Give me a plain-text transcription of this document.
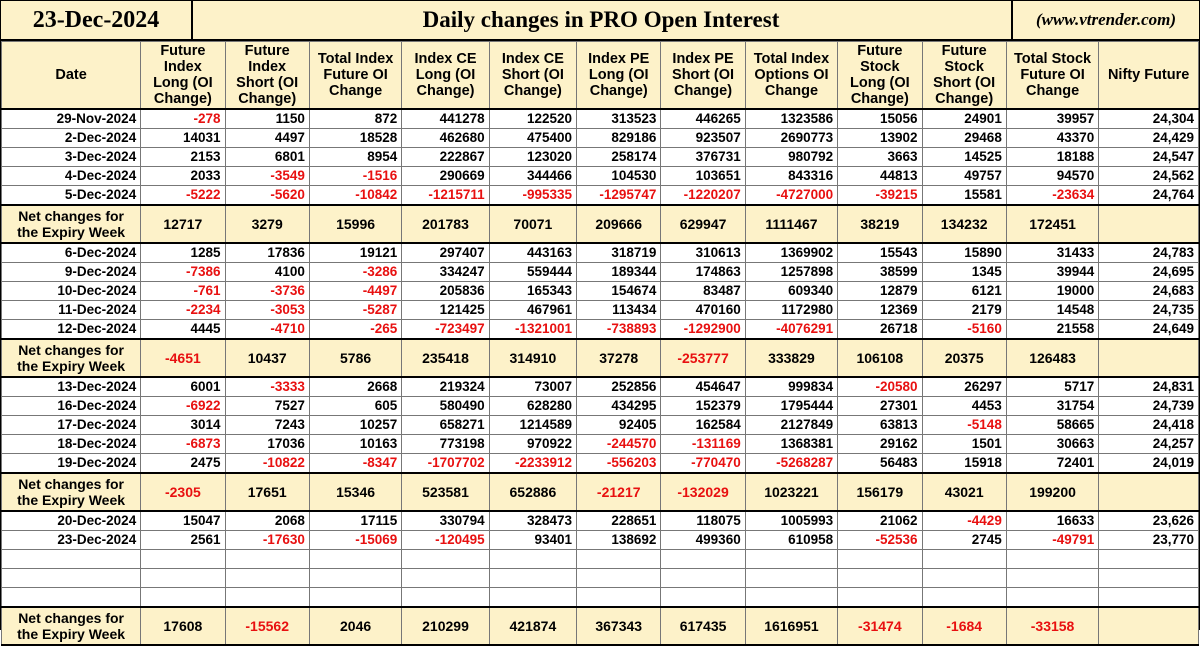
23-Dec-2024	Daily changes in PRO Open Interest	(www.vtrender.com)
Date	Future Index Long (OI Change)	Future Index Short (OI Change)	Total Index Future OI Change	Index CE Long (OI Change)	Index CE Short (OI Change)	Index PE Long (OI Change)	Index PE Short (OI Change)	Total Index Options OI Change	Future Stock Long (OI Change)	Future Stock Short (OI Change)	Total Stock Future OI Change	Nifty Future
29-Nov-2024	-278	1150	872	441278	122520	313523	446265	1323586	15056	24901	39957	24,304
2-Dec-2024	14031	4497	18528	462680	475400	829186	923507	2690773	13902	29468	43370	24,429
3-Dec-2024	2153	6801	8954	222867	123020	258174	376731	980792	3663	14525	18188	24,547
4-Dec-2024	2033	-3549	-1516	290669	344466	104530	103651	843316	44813	49757	94570	24,562
5-Dec-2024	-5222	-5620	-10842	-1215711	-995335	-1295747	-1220207	-4727000	-39215	15581	-23634	24,764
Net changes for the Expiry Week	12717	3279	15996	201783	70071	209666	629947	1111467	38219	134232	172451	
6-Dec-2024	1285	17836	19121	297407	443163	318719	310613	1369902	15543	15890	31433	24,783
9-Dec-2024	-7386	4100	-3286	334247	559444	189344	174863	1257898	38599	1345	39944	24,695
10-Dec-2024	-761	-3736	-4497	205836	165343	154674	83487	609340	12879	6121	19000	24,683
11-Dec-2024	-2234	-3053	-5287	121425	467961	113434	470160	1172980	12369	2179	14548	24,735
12-Dec-2024	4445	-4710	-265	-723497	-1321001	-738893	-1292900	-4076291	26718	-5160	21558	24,649
Net changes for the Expiry Week	-4651	10437	5786	235418	314910	37278	-253777	333829	106108	20375	126483	
13-Dec-2024	6001	-3333	2668	219324	73007	252856	454647	999834	-20580	26297	5717	24,831
16-Dec-2024	-6922	7527	605	580490	628280	434295	152379	1795444	27301	4453	31754	24,739
17-Dec-2024	3014	7243	10257	658271	1214589	92405	162584	2127849	63813	-5148	58665	24,418
18-Dec-2024	-6873	17036	10163	773198	970922	-244570	-131169	1368381	29162	1501	30663	24,257
19-Dec-2024	2475	-10822	-8347	-1707702	-2233912	-556203	-770470	-5268287	56483	15918	72401	24,019
Net changes for the Expiry Week	-2305	17651	15346	523581	652886	-21217	-132029	1023221	156179	43021	199200	
20-Dec-2024	15047	2068	17115	330794	328473	228651	118075	1005993	21062	-4429	16633	23,626
23-Dec-2024	2561	-17630	-15069	-120495	93401	138692	499360	610958	-52536	2745	-49791	23,770

Net changes for the Expiry Week	17608	-15562	2046	210299	421874	367343	617435	1616951	-31474	-1684	-33158	
